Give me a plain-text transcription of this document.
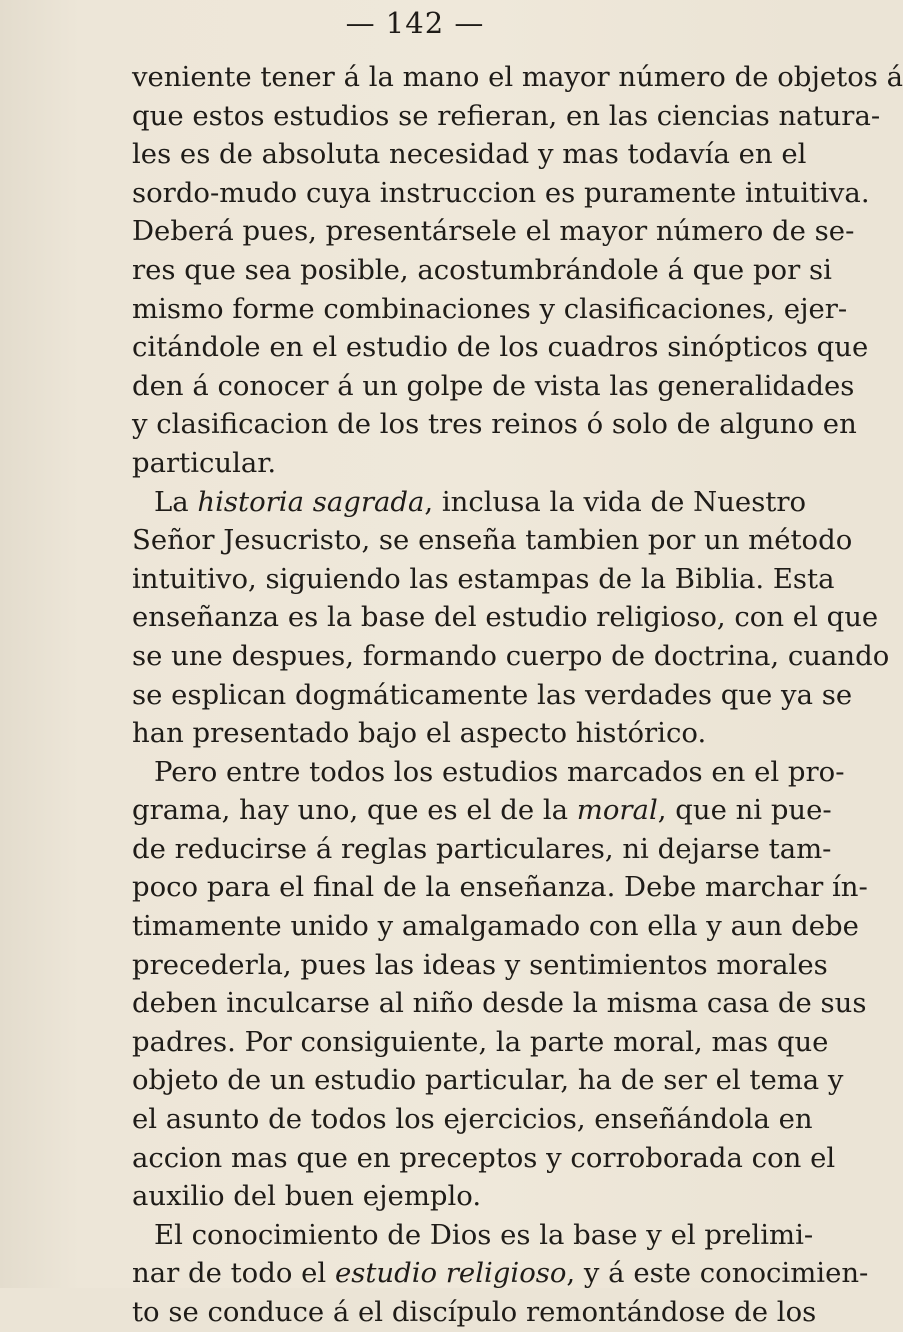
— 142 —
veniente tener á la mano el mayor número de objetos á
que estos estudios se refieran, en las ciencias natura-
les es de absoluta necesidad y mas todavía en el
sordo-mudo cuya instruccion es puramente intuitiva.
Deberá pues, presentársele el mayor número de se-
res que sea posible, acostumbrándole á que por si
mismo forme combinaciones y clasificaciones, ejer-
citándole en el estudio de los cuadros sinópticos que
den á conocer á un golpe de vista las generalidades
y clasificacion de los tres reinos ó solo de alguno en
particular.
La historia sagrada, inclusa la vida de Nuestro
Señor Jesucristo, se enseña tambien por un método
intuitivo, siguiendo las estampas de la Biblia. Esta
enseñanza es la base del estudio religioso, con el que
se une despues, formando cuerpo de doctrina, cuando
se esplican dogmáticamente las verdades que ya se
han presentado bajo el aspecto histórico.
Pero entre todos los estudios marcados en el pro-
grama, hay uno, que es el de la moral, que ni pue-
de reducirse á reglas particulares, ni dejarse tam-
poco para el final de la enseñanza. Debe marchar ín-
timamente unido y amalgamado con ella y aun debe
precederla, pues las ideas y sentimientos morales
deben inculcarse al niño desde la misma casa de sus
padres. Por consiguiente, la parte moral, mas que
objeto de un estudio particular, ha de ser el tema y
el asunto de todos los ejercicios, enseñándola en
accion mas que en preceptos y corroborada con el
auxilio del buen ejemplo.
El conocimiento de Dios es la base y el prelimi-
nar de todo el estudio religioso, y á este conocimien-
to se conduce á el discípulo remontándose de los
